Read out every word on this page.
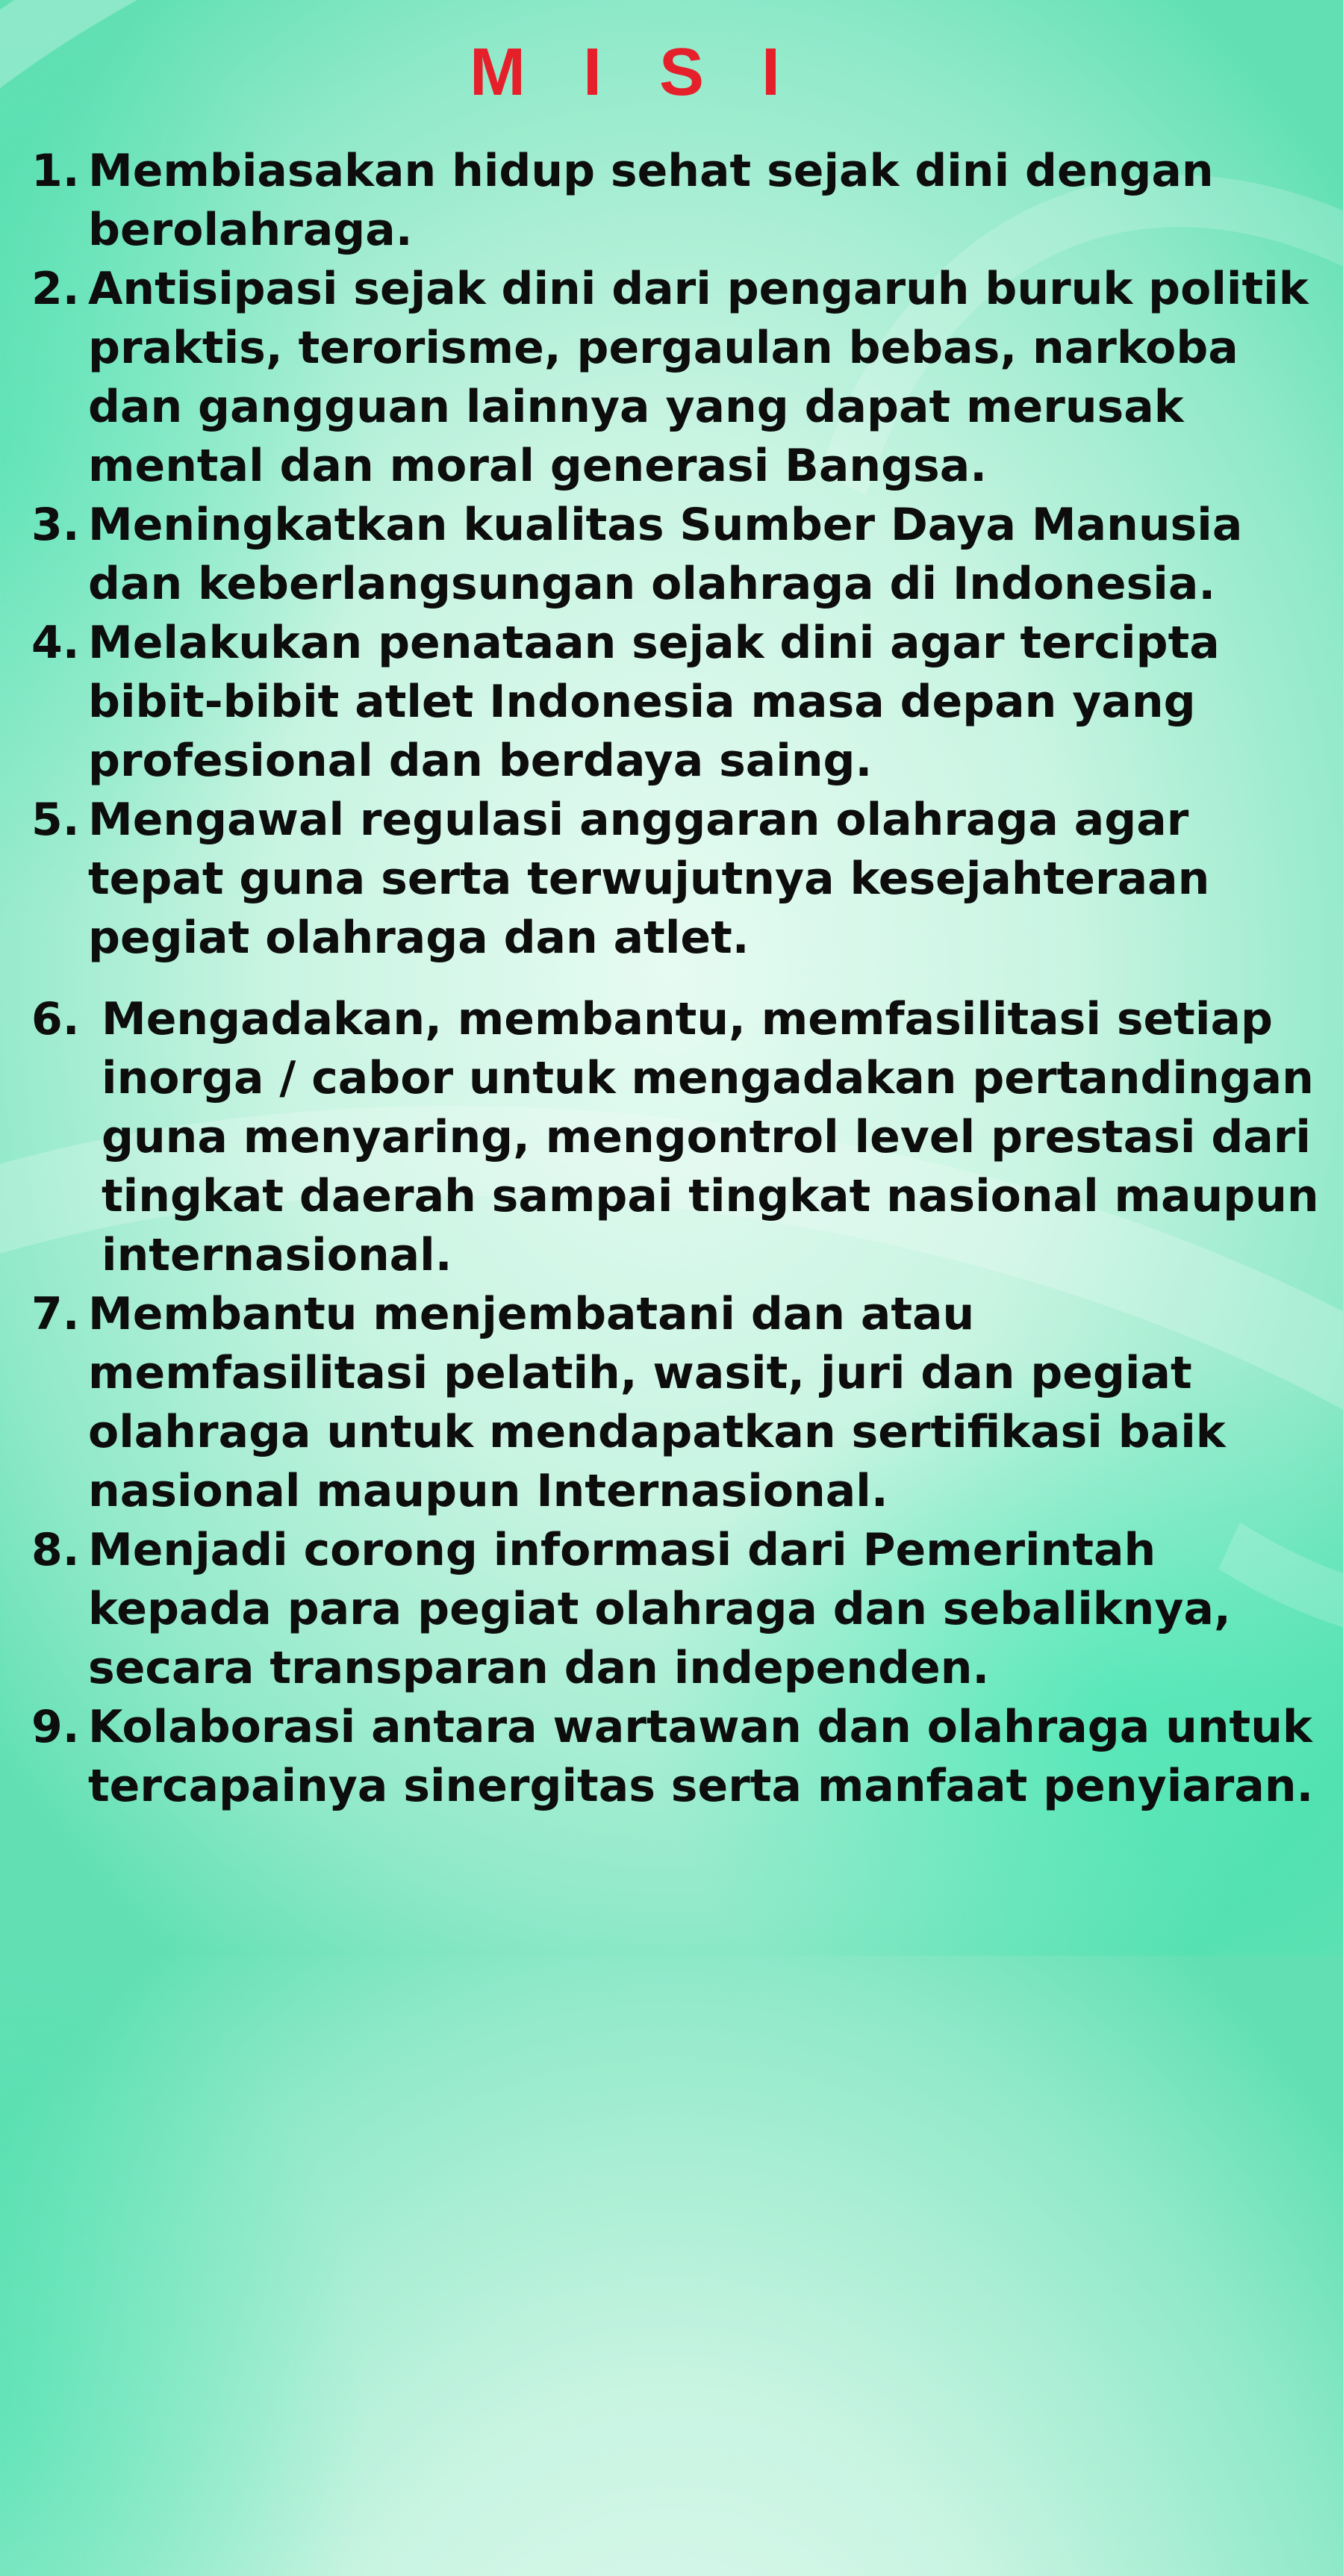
M I S I
1. Membiasakan hidup sehat sejak dini dengan berolahraga.
2. Antisipasi sejak dini dari pengaruh buruk politik praktis, terorisme, pergaulan bebas, narkoba dan gangguan lainnya yang dapat merusak mental dan moral generasi Bangsa.
3. Meningkatkan kualitas Sumber Daya Manusia dan keberlangsungan olahraga di Indonesia.
4. Melakukan penataan sejak dini agar tercipta bibit-bibit atlet Indonesia masa depan yang profesional dan berdaya saing.
5. Mengawal regulasi anggaran olahraga agar tepat guna serta terwujutnya kesejahteraan pegiat olahraga dan atlet.
6. Mengadakan, membantu, memfasilitasi setiap inorga / cabor untuk mengadakan pertandingan guna menyaring, mengontrol level prestasi dari tingkat daerah sampai tingkat nasional maupun internasional.
7. Membantu menjembatani dan atau memfasilitasi pelatih, wasit, juri dan pegiat olahraga untuk mendapatkan sertifikasi baik nasional maupun Internasional.
8. Menjadi corong informasi dari Pemerintah kepada para pegiat olahraga dan sebaliknya, secara transparan dan independen.
9. Kolaborasi antara wartawan dan olahraga untuk tercapainya sinergitas serta manfaat penyiaran.
